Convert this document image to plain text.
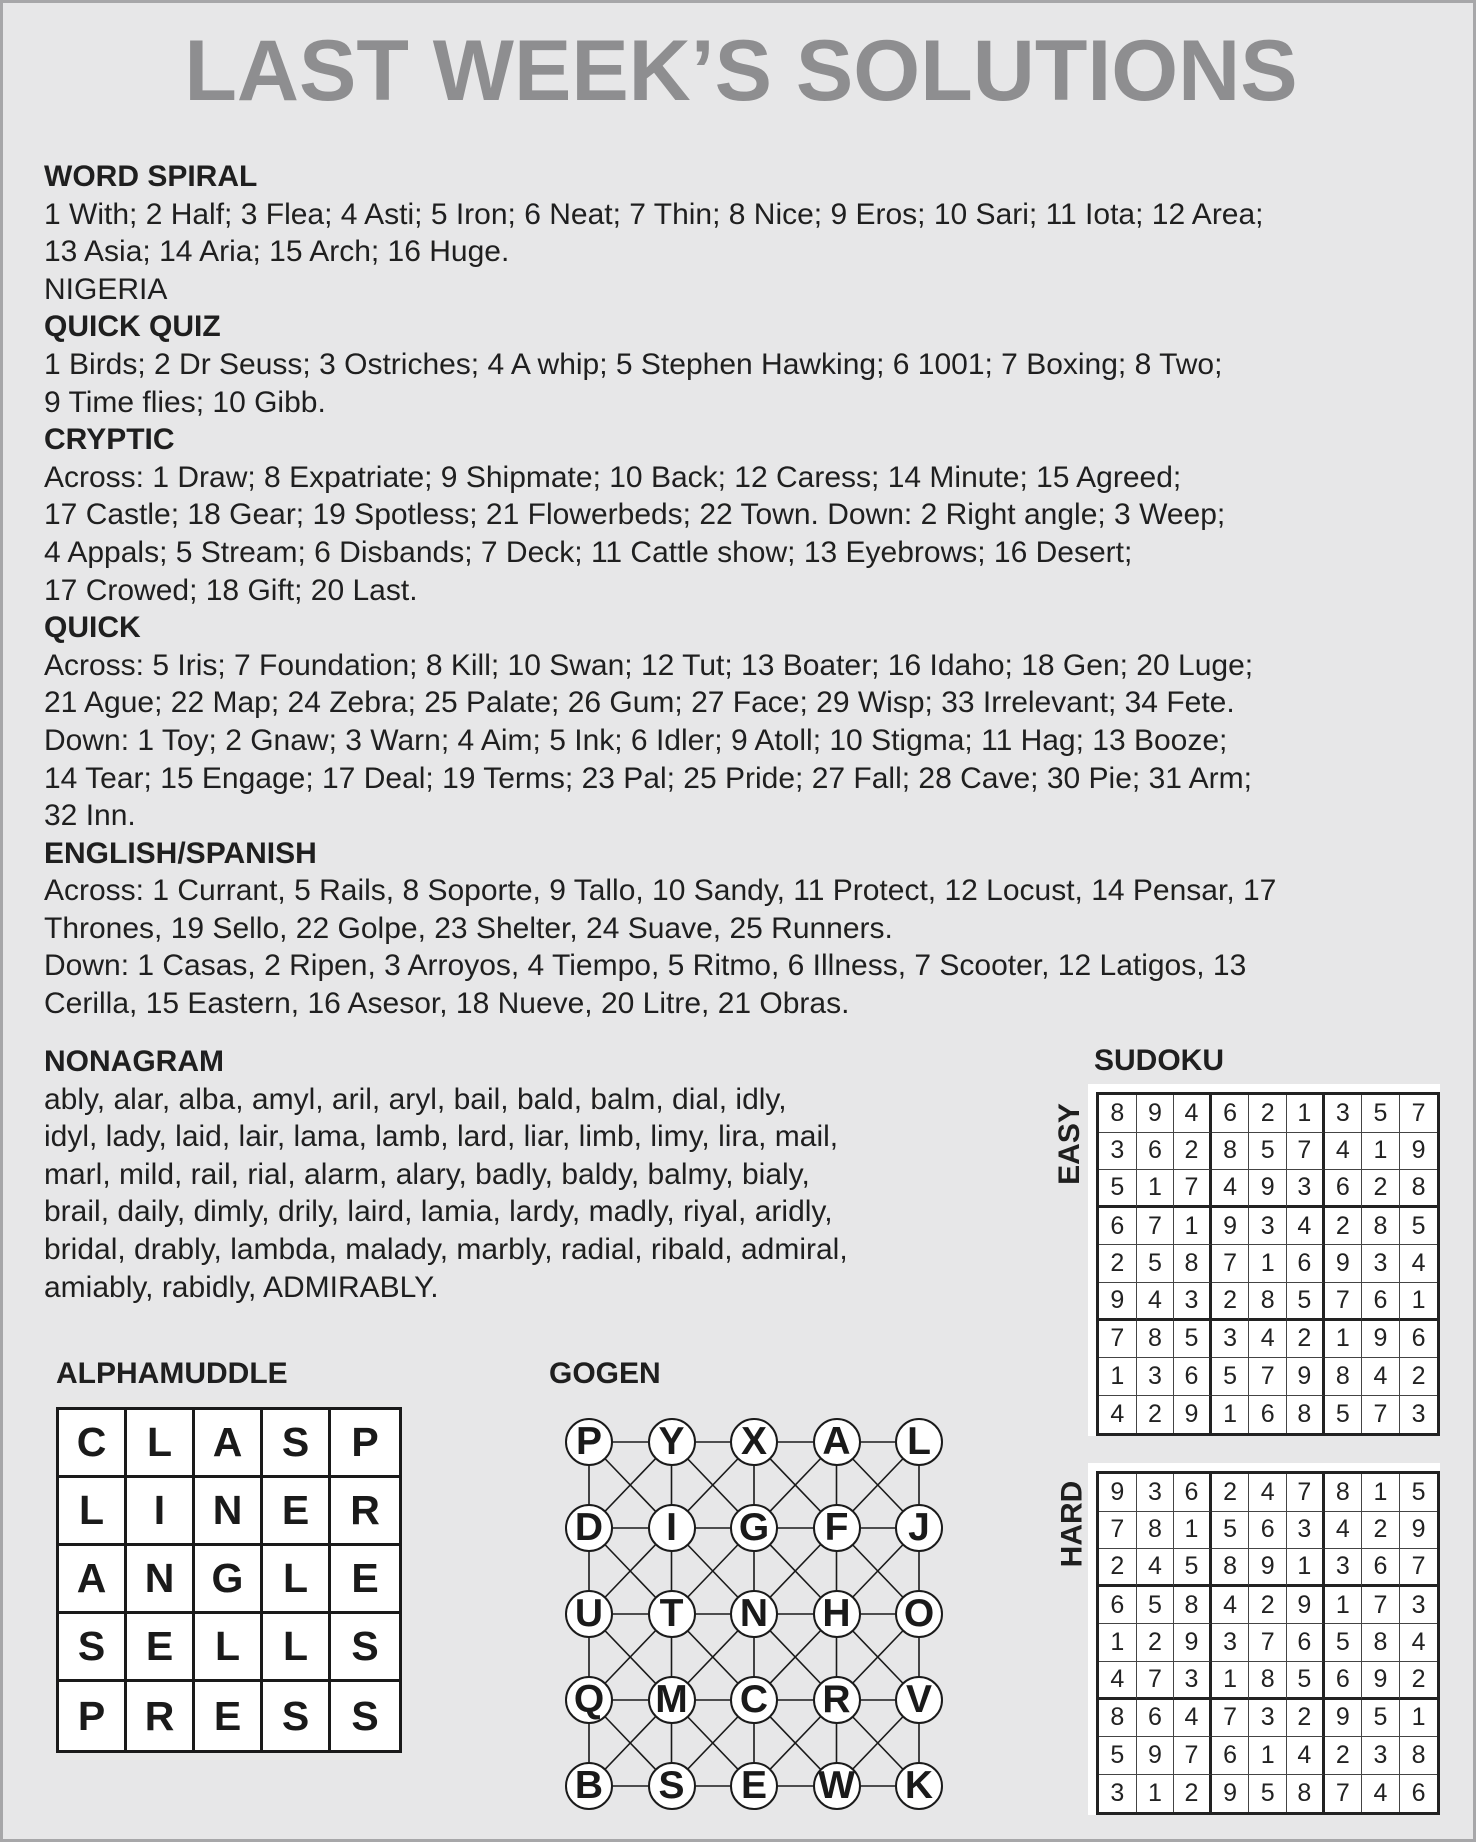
LAST WEEK’S SOLUTIONS
WORD SPIRAL
1 With; 2 Half; 3 Flea; 4 Asti; 5 Iron; 6 Neat; 7 Thin; 8 Nice; 9 Eros; 10 Sari; 11 Iota; 12 Area;
13 Asia; 14 Aria; 15 Arch; 16 Huge.
NIGERIA
QUICK QUIZ
1 Birds; 2 Dr Seuss; 3 Ostriches; 4 A whip; 5 Stephen Hawking; 6 1001; 7 Boxing; 8 Two;
9 Time flies; 10 Gibb.
CRYPTIC
Across: 1 Draw; 8 Expatriate; 9 Shipmate; 10 Back; 12 Caress; 14 Minute; 15 Agreed;
17 Castle; 18 Gear; 19 Spotless; 21 Flowerbeds; 22 Town. Down: 2 Right angle; 3 Weep;
4 Appals; 5 Stream; 6 Disbands; 7 Deck; 11 Cattle show; 13 Eyebrows; 16 Desert;
17 Crowed; 18 Gift; 20 Last.
QUICK
Across: 5 Iris; 7 Foundation; 8 Kill; 10 Swan; 12 Tut; 13 Boater; 16 Idaho; 18 Gen; 20 Luge;
21 Ague; 22 Map; 24 Zebra; 25 Palate; 26 Gum; 27 Face; 29 Wisp; 33 Irrelevant; 34 Fete.
Down: 1 Toy; 2 Gnaw; 3 Warn; 4 Aim; 5 Ink; 6 Idler; 9 Atoll; 10 Stigma; 11 Hag; 13 Booze;
14 Tear; 15 Engage; 17 Deal; 19 Terms; 23 Pal; 25 Pride; 27 Fall; 28 Cave; 30 Pie; 31 Arm;
32 Inn.
ENGLISH/SPANISH
Across: 1 Currant, 5 Rails, 8 Soporte, 9 Tallo, 10 Sandy, 11 Protect, 12 Locust, 14 Pensar, 17
Thrones, 19 Sello, 22 Golpe, 23 Shelter, 24 Suave, 25 Runners.
Down: 1 Casas, 2 Ripen, 3 Arroyos, 4 Tiempo, 5 Ritmo, 6 Illness, 7 Scooter, 12 Latigos, 13
Cerilla, 15 Eastern, 16 Asesor, 18 Nueve, 20 Litre, 21 Obras.
NONAGRAM
ably, alar, alba, amyl, aril, aryl, bail, bald, balm, dial, idly,
idyl, lady, laid, lair, lama, lamb, lard, liar, limb, limy, lira, mail,
marl, mild, rail, rial, alarm, alary, badly, baldy, balmy, bialy,
brail, daily, dimly, drily, laird, lamia, lardy, madly, riyal, aridly,
bridal, drably, lambda, malady, marbly, radial, ribald, admiral,
amiably, rabidly, ADMIRABLY.
SUDOKU
EASY 8 9 4 6 2 1 3 5 7
3 6 2 8 5 7 4 1 9
5 1 7 4 9 3 6 2 8
6 7 1 9 3 4 2 8 5
2 5 8 7 1 6 9 3 4
9 4 3 2 8 5 7 6 1
7 8 5 3 4 2 1 9 6
1 3 6 5 7 9 8 4 2
4 2 9 1 6 8 5 7 3
HARD 9 3 6 2 4 7 8 1 5
7 8 1 5 6 3 4 2 9
2 4 5 8 9 1 3 6 7
6 5 8 4 2 9 1 7 3
1 2 9 3 7 6 5 8 4
4 7 3 1 8 5 6 9 2
8 6 4 7 3 2 9 5 1
5 9 7 6 1 4 2 3 8
3 1 2 9 5 8 7 4 6
ALPHAMUDDLE
C L A S	P
L	I	N E	R
A N G L	E
S E	L	L	S
P R E S	S
GOGEN
P Y X A	L
D	I	G	F	J
U	T	N H O
Q M C R V
B S E W K
